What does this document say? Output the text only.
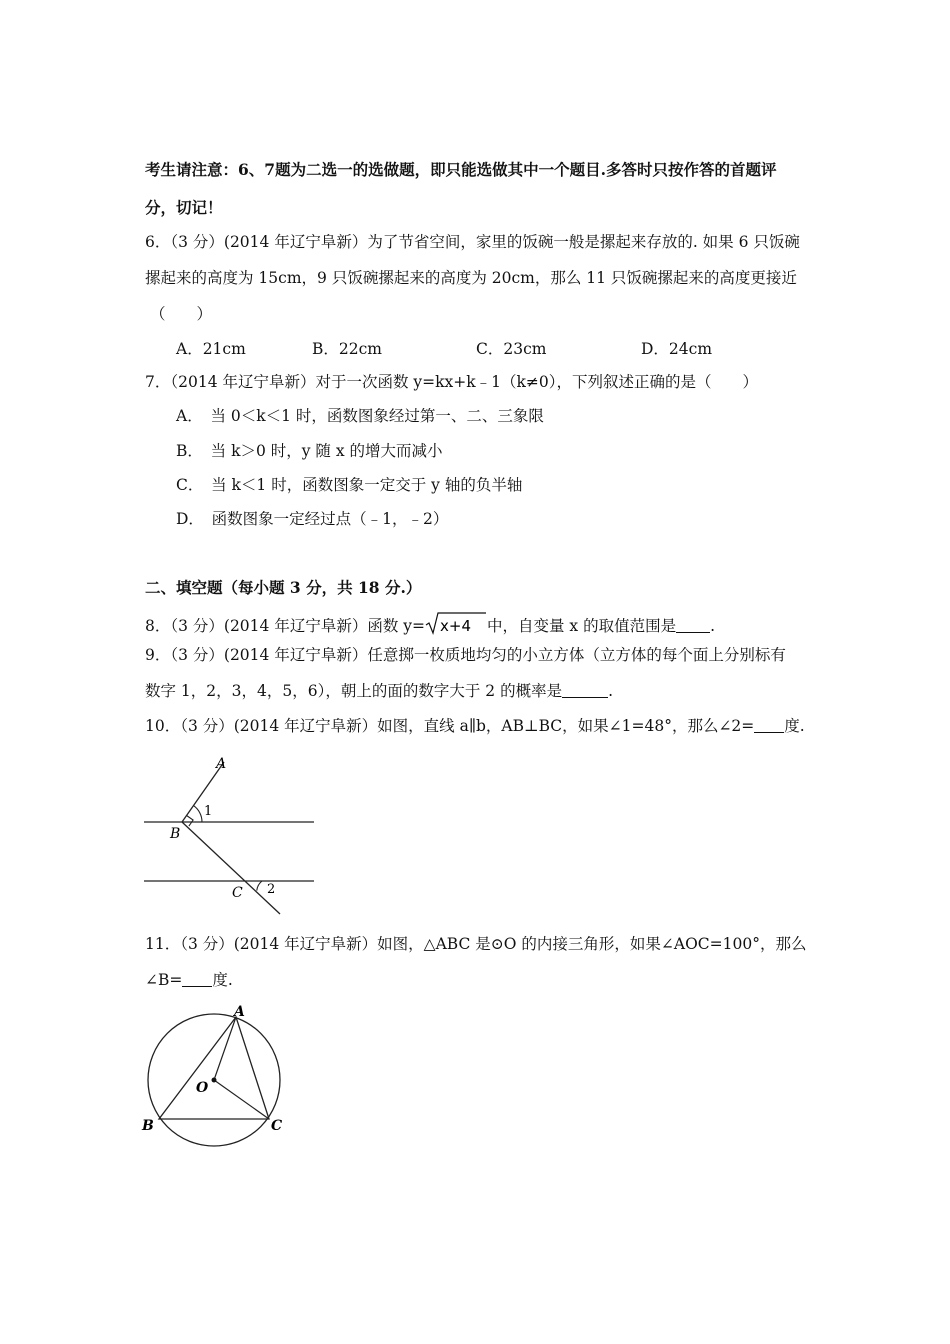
考生请注意：6、7题为二选一的选做题，即只能选做其中一个题目.多答时只按作答的首题评
分，切记！
6．（3 分）(2014 年辽宁阜新）为了节省空间，家里的饭碗一般是摞起来存放的. 如果 6 只饭碗
摞起来的高度为 15cm，9 只饭碗摞起来的高度为 20cm，那么 11 只饭碗摞起来的高度更接近
（　　）
A．21cm	B．22cm	C．23cm	D．24cm
7．（2014 年辽宁阜新）对于一次函数 y=kx+k﹣1（k≠0），下列叙述正确的是（　　）
A．　当 0＜k＜1 时，函数图象经过第一、二、三象限
B．　当 k＞0 时，y 随 x 的增大而减小
C．　当 k＜1 时，函数图象一定交于 y 轴的负半轴
D．　函数图象一定经过点（﹣1，﹣2）
二、填空题（每小题 3 分，共 18 分.）
8．（3 分）(2014 年辽宁阜新）函数 y= x+4 中，自变量 x 的取值范围是 .
9．（3 分）(2014 年辽宁阜新）任意掷一枚质地均匀的小立方体（立方体的每个面上分别标有
数字 1，2，3，4，5，6），朝上的面的数字大于 2 的概率是	.
10．（3 分）(2014 年辽宁阜新）如图，直线 a∥b，AB⊥BC，如果∠1=48°，那么∠2= 度.
A
B
C
1
2
11．（3 分）(2014 年辽宁阜新）如图，△ABC 是⊙O 的内接三角形，如果∠AOC=100°，那么
∠B= 度.
A
B	C
O
